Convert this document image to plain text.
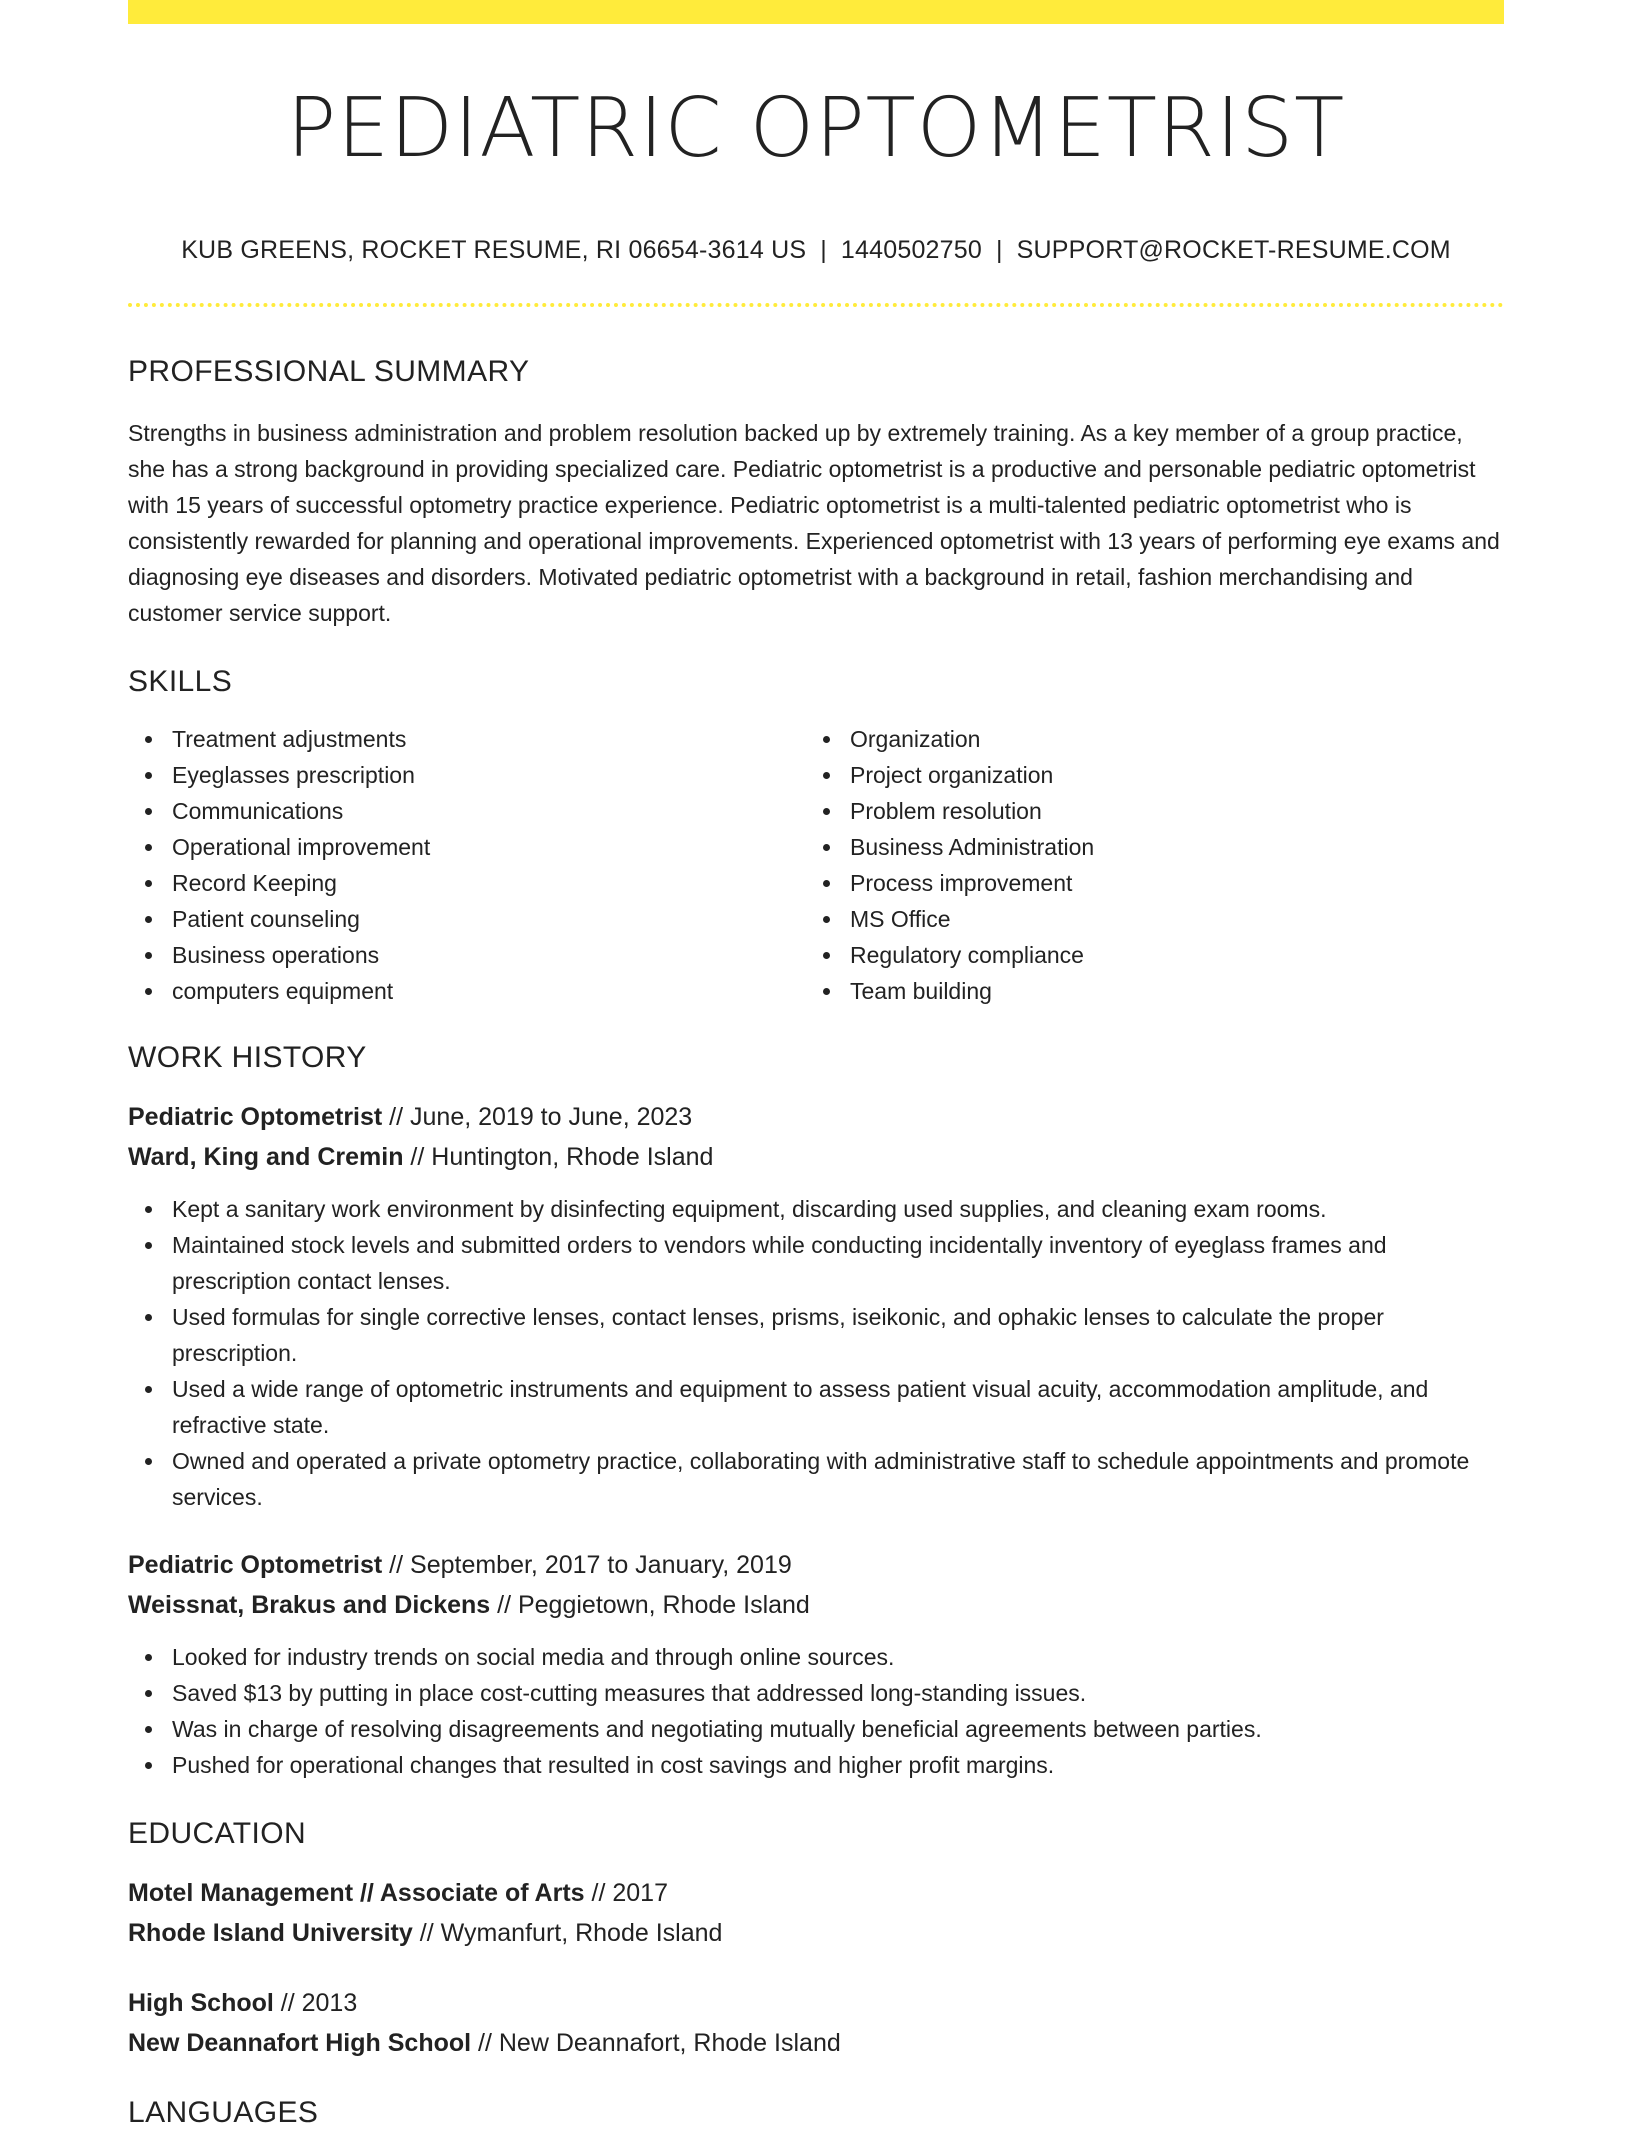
PEDIATRIC OPTOMETRIST
KUB GREENS, ROCKET RESUME, RI 06654-3614 US | 1440502750 | SUPPORT@ROCKET-RESUME.COM
PROFESSIONAL SUMMARY

Strengths in business administration and problem resolution backed up by extremely training. As a key member of a group practice, she has a strong background in providing specialized care. Pediatric optometrist is a productive and personable pediatric optometrist with 15 years of successful optometry practice experience. Pediatric optometrist is a multi-talented pediatric optometrist who is consistently rewarded for planning and operational improvements. Experienced optometrist with 13 years of performing eye exams and diagnosing eye diseases and disorders. Motivated pediatric optometrist with a background in retail, fashion merchandising and customer service support.

SKILLS
Treatment adjustments
Eyeglasses prescription
Communications
Operational improvement
Record Keeping
Patient counseling
Business operations
computers equipment
Organization
Project organization
Problem resolution
Business Administration
Process improvement
MS Office
Regulatory compliance
Team building
WORK HISTORY
Pediatric Optometrist // June, 2019 to June, 2023
Ward, King and Cremin // Huntington, Rhode Island
Kept a sanitary work environment by disinfecting equipment, discarding used supplies, and cleaning exam rooms.
Maintained stock levels and submitted orders to vendors while conducting incidentally inventory of eyeglass frames and prescription contact lenses.
Used formulas for single corrective lenses, contact lenses, prisms, iseikonic, and ophakic lenses to calculate the proper prescription.
Used a wide range of optometric instruments and equipment to assess patient visual acuity, accommodation amplitude, and refractive state.
Owned and operated a private optometry practice, collaborating with administrative staff to schedule appointments and promote services.
Pediatric Optometrist // September, 2017 to January, 2019
Weissnat, Brakus and Dickens // Peggietown, Rhode Island
Looked for industry trends on social media and through online sources.
Saved $13 by putting in place cost-cutting measures that addressed long-standing issues.
Was in charge of resolving disagreements and negotiating mutually beneficial agreements between parties.
Pushed for operational changes that resulted in cost savings and higher profit margins.
EDUCATION
Motel Management // Associate of Arts // 2017
Rhode Island University // Wymanfurt, Rhode Island
High School // 2013
New Deannafort High School // New Deannafort, Rhode Island
LANGUAGES
